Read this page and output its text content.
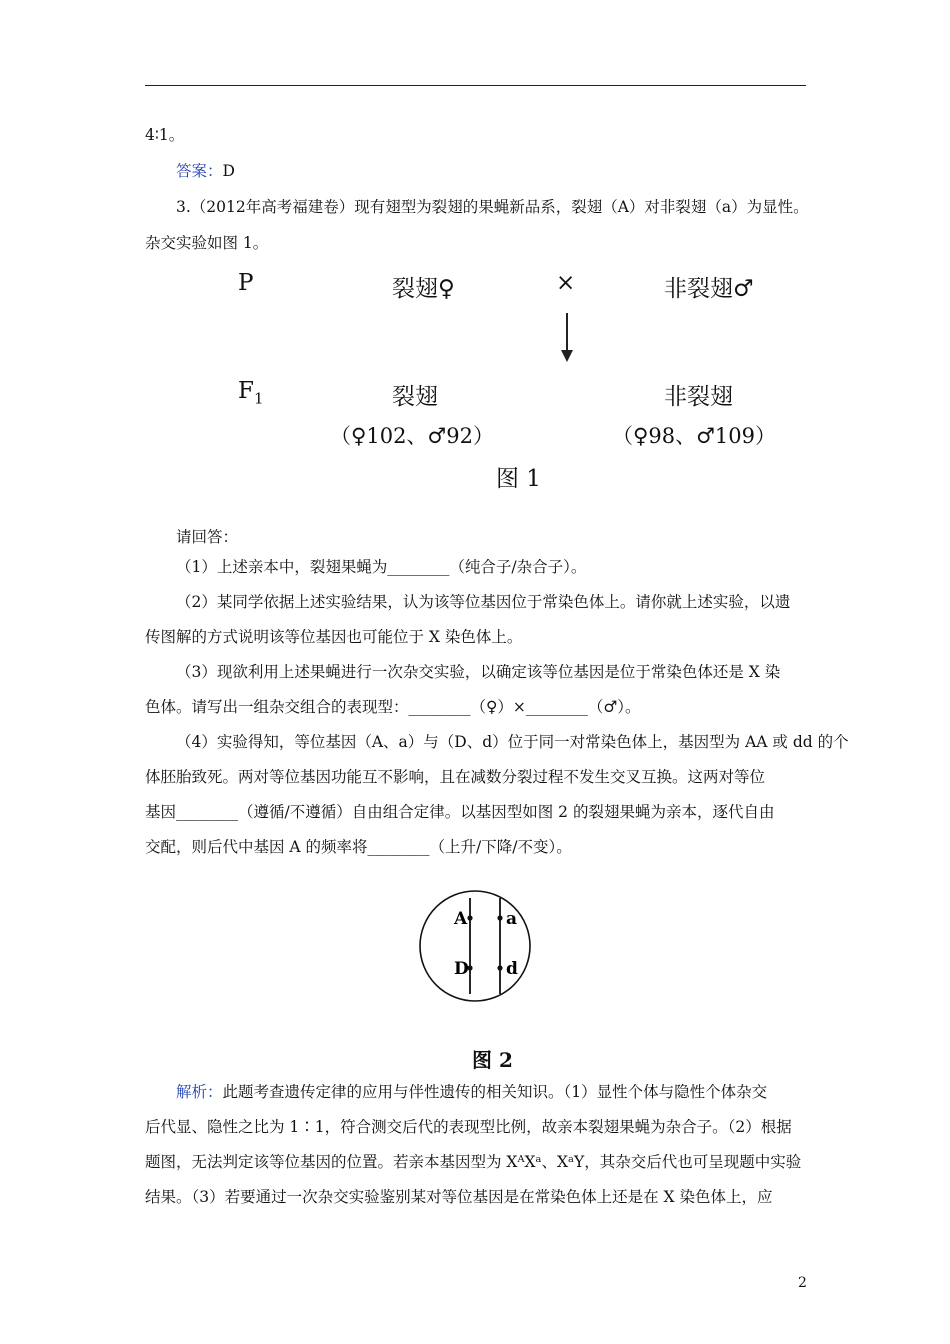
4∶1。
答案：D
3.（2012年高考福建卷）现有翅型为裂翅的果蝇新品系，裂翅（A）对非裂翅（a）为显性。
杂交实验如图 1。
P	裂翅♀	×	非裂翅♂
$F_1$	裂翅	非裂翅
（♀102、♂92）	（♀98、♂109）
图 1
请回答：
（1）上述亲本中，裂翅果蝇为________（纯合子/杂合子）。
（2）某同学依据上述实验结果，认为该等位基因位于常染色体上。请你就上述实验，以遗
传图解的方式说明该等位基因也可能位于 X 染色体上。
（3）现欲利用上述果蝇进行一次杂交实验，以确定该等位基因是位于常染色体还是 X 染
色体。请写出一组杂交组合的表现型：________（♀）×________（♂）。
（4）实验得知，等位基因（A、a）与（D、d）位于同一对常染色体上，基因型为 AA 或 dd 的个
体胚胎致死。两对等位基因功能互不影响，且在减数分裂过程不发生交叉互换。这两对等位
基因________（遵循/不遵循）自由组合定律。以基因型如图 2 的裂翅果蝇为亲本，逐代自由
交配，则后代中基因 A 的频率将________（上升/下降/不变）。
A
D
a
d
图 2
解析：此题考查遗传定律的应用与伴性遗传的相关知识。（1）显性个体与隐性个体杂交
后代显、隐性之比为 1∶1，符合测交后代的表现型比例，故亲本裂翅果蝇为杂合子。（2）根据
题图，无法判定该等位基因的位置。若亲本基因型为 XᴬXᵃ、XᵃY，其杂交后代也可呈现题中实验
结果。（3）若要通过一次杂交实验鉴别某对等位基因是在常染色体上还是在 X 染色体上，应
2
